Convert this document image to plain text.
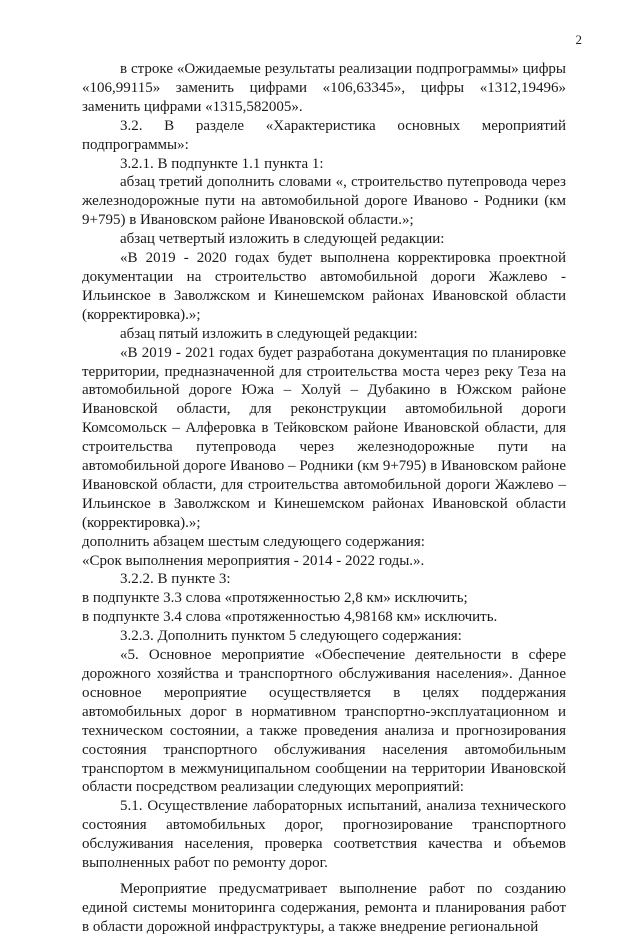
2

в строке «Ожидаемые результаты реализации подпрограммы» цифры «106,99115» заменить цифрами «106,63345», цифры «1312,19496» заменить цифрами «1315,582005».

3.2. В разделе «Характеристика основных мероприятий подпрограммы»:

3.2.1. В подпункте 1.1 пункта 1:

абзац третий дополнить словами «, строительство путепровода через железнодорожные пути на автомобильной дороге Иваново - Родники (км 9+795) в Ивановском районе Ивановской области.»;

абзац четвертый изложить в следующей редакции:

«В 2019 - 2020 годах будет выполнена корректировка проектной документации на строительство автомобильной дороги Жажлево - Ильинское в Заволжском и Кинешемском районах Ивановской области (корректировка).»;

абзац пятый изложить в следующей редакции:

«В 2019 - 2021 годах будет разработана документация по планировке территории, предназначенной для строительства моста через реку Теза на автомобильной дороге Южа – Холуй – Дубакино в Южском районе Ивановской области, для реконструкции автомобильной дороги Комсомольск – Алферовка в Тейковском районе Ивановской области, для строительства путепровода через железнодорожные пути на автомобильной дороге Иваново – Родники (км 9+795) в Ивановском районе Ивановской области, для строительства автомобильной дороги Жажлево – Ильинское в Заволжском и Кинешемском районах Ивановской области (корректировка).»;

дополнить абзацем шестым следующего содержания:

«Срок выполнения мероприятия - 2014 - 2022 годы.».

3.2.2. В пункте 3:

в подпункте 3.3 слова «протяженностью 2,8 км» исключить;

в подпункте 3.4 слова «протяженностью 4,98168 км» исключить.

3.2.3. Дополнить пунктом 5 следующего содержания:

«5. Основное мероприятие «Обеспечение деятельности в сфере дорожного хозяйства и транспортного обслуживания населения». Данное основное мероприятие осуществляется в целях поддержания автомобильных дорог в нормативном транспортно-эксплуатационном и техническом состоянии, а также проведения анализа и прогнозирования состояния транспортного обслуживания населения автомобильным транспортом в межмуниципальном сообщении на территории Ивановской области посредством реализации следующих мероприятий:

5.1. Осуществление лабораторных испытаний, анализа технического состояния автомобильных дорог, прогнозирование транспортного обслуживания населения, проверка соответствия качества и объемов выполненных работ по ремонту дорог.

Мероприятие предусматривает выполнение работ по созданию единой системы мониторинга содержания, ремонта и планирования работ в области дорожной инфраструктуры, а также внедрение региональной
